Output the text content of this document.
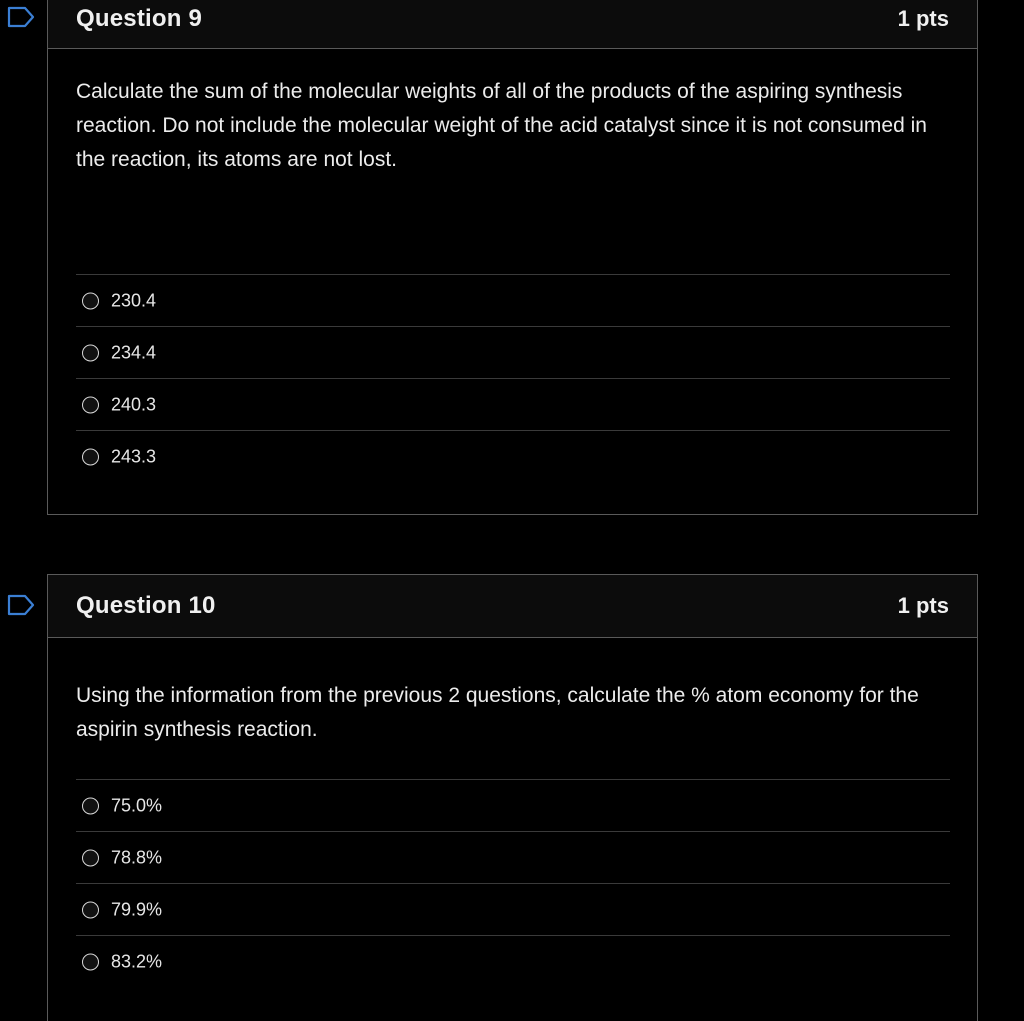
Question 9	1 pts
Calculate the sum of the molecular weights of all of the products of the aspiring synthesis reaction. Do not include the molecular weight of the acid catalyst since it is not consumed in the reaction, its atoms are not lost.
230.4
234.4
240.3
243.3
Question 10	1 pts
Using the information from the previous 2 questions, calculate the % atom economy for the aspirin synthesis reaction.
75.0%
78.8%
79.9%
83.2%
